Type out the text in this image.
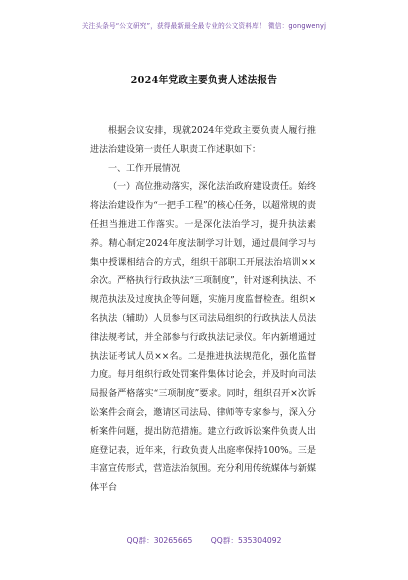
关注头条号“公文研究”，获得最新最全最专业的公文资料库！ 微信：gongwenyj
2024年党政主要负责人述法报告

根据会议安排，现就2024年党政主要负责人履行推进法治建设第一责任人职责工作述职如下：

一、工作开展情况

（一）高位推动落实，深化法治政府建设责任。始终将法治建设作为“一把手工程”的核心任务，以超常规的责任担当推进工作落实。一是深化法治学习，提升执法素养。精心制定2024年度法制学习计划，通过晨间学习与集中授课相结合的方式，组织干部职工开展法治培训××余次。严格执行行政执法“三项制度”，针对逐利执法、不规范执法及过度执企等问题，实施月度监督检查。组织×名执法（辅助）人员参与区司法局组织的行政执法人员法律法规考试，并全部参与行政执法记录仪。年内新增通过执法证考试人员××名。二是推进执法规范化，强化监督力度。每月组织行政处罚案件集体讨论会，并及时向司法局报备严格落实“三项制度”要求。同时，组织召开×次诉讼案件会商会，邀请区司法局、律师等专家参与，深入分析案件问题，提出防范措施。建立行政诉讼案件负责人出庭登记表，近年来，行政负责人出庭率保持100%。三是丰富宣传形式，营造法治氛围。充分利用传统媒体与新媒体平台

QQ群：30265665 QQ群：535304092
